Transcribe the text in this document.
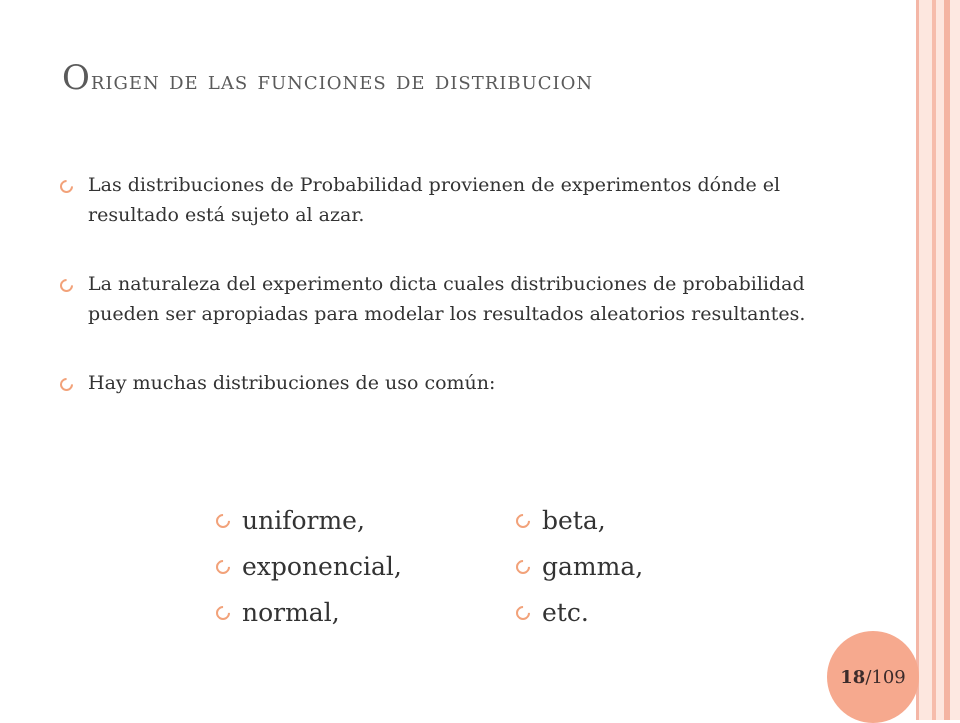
Origen de las funciones de distribucion
Las distribuciones de Probabilidad provienen de experimentos dónde el resultado está sujeto al azar.
La naturaleza del experimento dicta cuales distribuciones de probabilidad pueden ser apropiadas para modelar los resultados aleatorios resultantes.
Hay muchas distribuciones de uso común:
uniforme,
exponencial,
normal,
beta,
gamma,
etc.
18 /109
